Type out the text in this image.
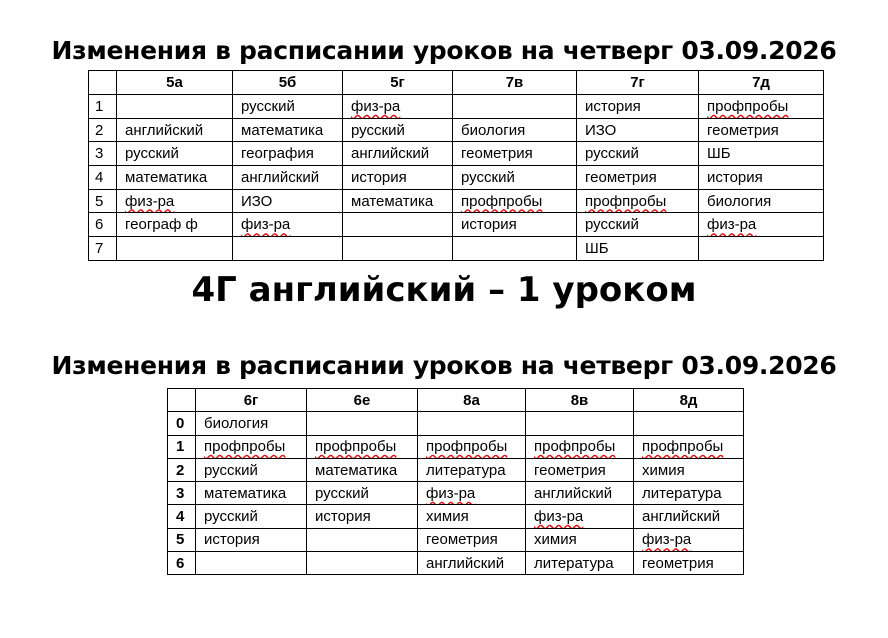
Изменения в расписании уроков на четверг 03.09.2026
	5а	5б	5г	7в	7г	7д
1		русский	физ-ра		история	профпробы
2	английский	математика	русский	биология	ИЗО	геометрия
3	русский	география	английский	геометрия	русский	ШБ
4	математика	английский	история	русский	геометрия	история
5	физ-ра	ИЗО	математика	профпробы	профпробы	биология
6	географ ф	физ-ра		история	русский	физ-ра
7					ШБ	
4Г английский – 1 уроком
Изменения в расписании уроков на четверг 03.09.2026
	6г	6е	8а	8в	8д
0	биология				
1	профпробы	профпробы	профпробы	профпробы	профпробы
2	русский	математика	литература	геометрия	химия
3	математика	русский	физ-ра	английский	литература
4	русский	история	химия	физ-ра	английский
5	история		геометрия	химия	физ-ра
6			английский	литература	геометрия
